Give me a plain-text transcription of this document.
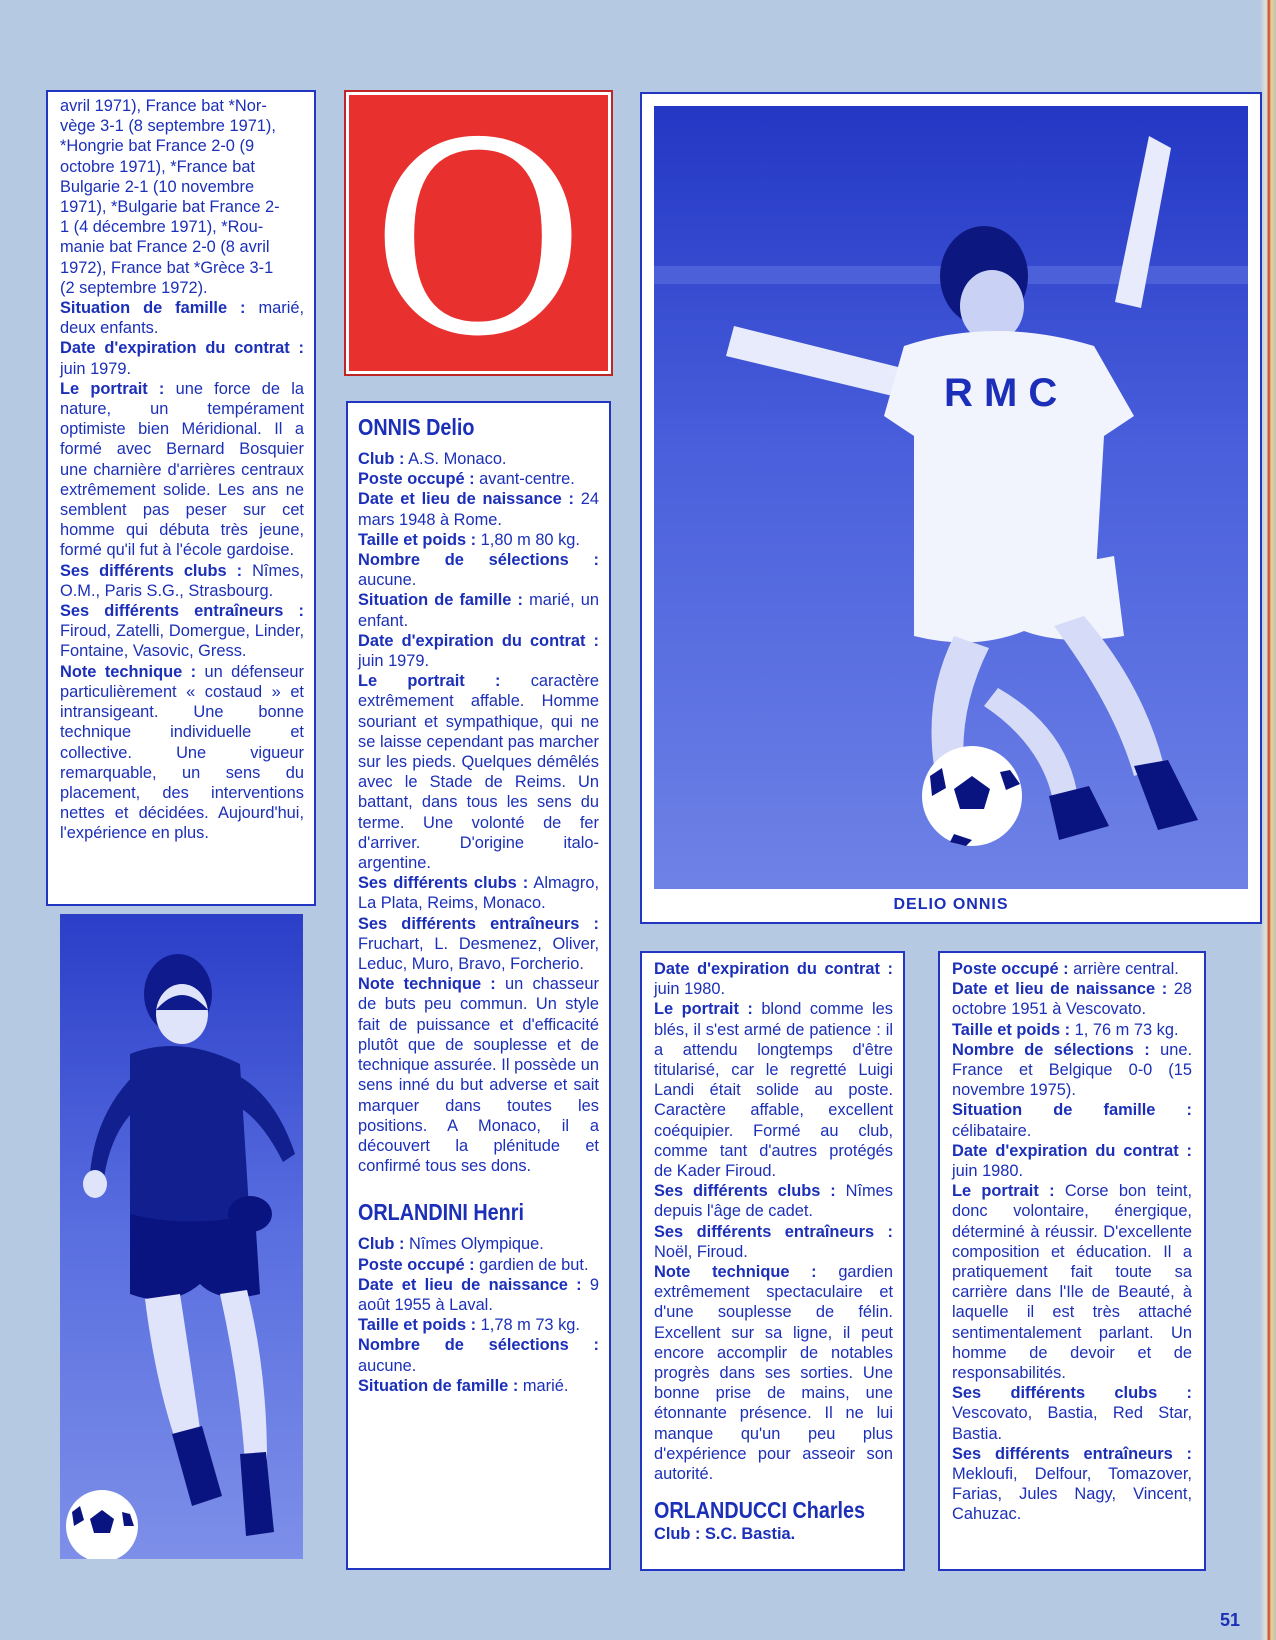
avril 1971), France bat *Nor-

vège 3-1 (8 septembre 1971),

*Hongrie bat France 2-0 (9

octobre 1971), *France bat

Bulgarie 2-1 (10 novembre

1971), *Bulgarie bat France 2-

1 (4 décembre 1971), *Rou-

manie bat France 2-0 (8 avril

1972), France bat *Grèce 3-1

(2 septembre 1972).

Situation de famille : marié, deux enfants.

Date d'expiration du contrat : juin 1979.

Le portrait : une force de la nature, un tempérament optimiste bien Méridional. Il a formé avec Bernard Bosquier une charnière d'arrières centraux extrêmement solide. Les ans ne semblent pas peser sur cet homme qui débuta très jeune, formé qu'il fut à l'école gardoise.

Ses différents clubs : Nîmes, O.M., Paris S.G., Strasbourg.

Ses différents entraîneurs : Firoud, Zatelli, Domergue, Linder, Fontaine, Vasovic, Gress.

Note technique : un défenseur particulièrement « costaud » et intransigeant. Une bonne technique individuelle et collective. Une vigueur remarquable, un sens du placement, des interventions nettes et décidées. Aujourd'hui, l'expérience en plus.

O
ONNIS Delio

Club : A.S. Monaco.

Poste occupé : avant-centre.

Date et lieu de naissance : 24 mars 1948 à Rome.

Taille et poids : 1,80 m 80 kg.

Nombre de sélections : aucune.

Situation de famille : marié, un enfant.

Date d'expiration du contrat : juin 1979.

Le portrait : caractère extrêmement affable. Homme souriant et sympathique, qui ne se laisse cependant pas marcher sur les pieds. Quelques démêlés avec le Stade de Reims. Un battant, dans tous les sens du terme. Une volonté de fer d'arriver. D'origine italo-argentine.

Ses différents clubs : Almagro, La Plata, Reims, Monaco.

Ses différents entraîneurs : Fruchart, L. Desmenez, Oliver, Leduc, Muro, Bravo, Forcherio.

Note technique : un chasseur de buts peu commun. Un style fait de puissance et d'efficacité plutôt que de souplesse et de technique assurée. Il possède un sens inné du but adverse et sait marquer dans toutes les positions. A Monaco, il a découvert la plénitude et confirmé tous ses dons.

ORLANDINI Henri

Club : Nîmes Olympique.

Poste occupé : gardien de but.

Date et lieu de naissance : 9 août 1955 à Laval.

Taille et poids : 1,78 m 73 kg.

Nombre de sélections : aucune.

Situation de famille : marié.

R M C
DELIO ONNIS

Date d'expiration du contrat : juin 1980.

Le portrait : blond comme les blés, il s'est armé de patience : il a attendu longtemps d'être titularisé, car le regretté Luigi Landi était solide au poste. Caractère affable, excellent coéquipier. Formé au club, comme tant d'autres protégés de Kader Firoud.

Ses différents clubs : Nîmes depuis l'âge de cadet.

Ses différents entraîneurs : Noël, Firoud.

Note technique : gardien extrêmement spectaculaire et d'une souplesse de félin. Excellent sur sa ligne, il peut encore accomplir de notables progrès dans ses sorties. Une bonne prise de mains, une étonnante présence. Il ne lui manque qu'un peu plus d'expérience pour asseoir son autorité.

ORLANDUCCI Charles

Club : S.C. Bastia.

Poste occupé : arrière central.

Date et lieu de naissance : 28 octobre 1951 à Vescovato.

Taille et poids : 1, 76 m 73 kg.

Nombre de sélections : une. France et Belgique 0-0 (15 novembre 1975).

Situation de famille : célibataire.

Date d'expiration du contrat : juin 1980.

Le portrait : Corse bon teint, donc volontaire, énergique, déterminé à réussir. D'excellente composition et éducation. Il a pratiquement fait toute sa carrière dans l'Ile de Beauté, à laquelle il est très attaché sentimentalement parlant. Un homme de devoir et de responsabilités.

Ses différents clubs : Vescovato, Bastia, Red Star, Bastia.

Ses différents entraîneurs : Mekloufi, Delfour, Tomazover, Farias, Jules Nagy, Vincent, Cahuzac.

51
